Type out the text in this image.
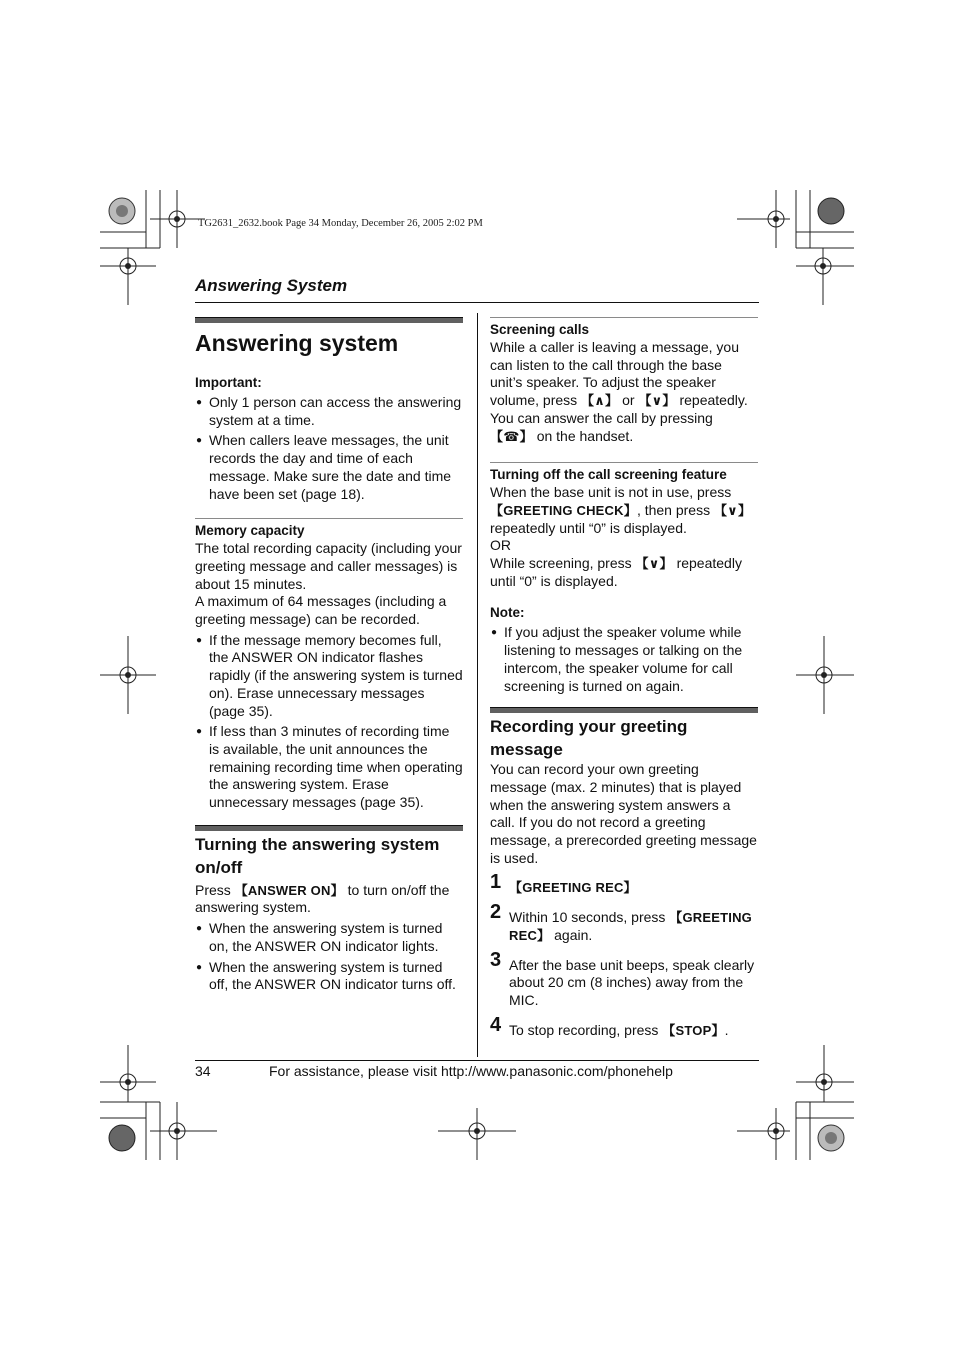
TG2631_2632.book Page 34 Monday, December 26, 2005 2:02 PM
Answering System
Answering system
Important:
● Only 1 person can access the answering system at a time.
● When callers leave messages, the unit records the day and time of each message. Make sure the date and time have been set (page 18).
Memory capacity

The total recording capacity (including your greeting message and caller messages) is about 15 minutes.

A maximum of 64 messages (including a greeting message) can be recorded.

● If the message memory becomes full, the ANSWER ON indicator flashes rapidly (if the answering system is turned on). Erase unnecessary messages (page 35).
● If less than 3 minutes of recording time is available, the unit announces the remaining recording time when operating the answering system. Erase unnecessary messages (page 35).
Turning the answering system on/off

Press 【ANSWER ON】 to turn on/off the answering system.

● When the answering system is turned on, the ANSWER ON indicator lights.
● When the answering system is turned off, the ANSWER ON indicator turns off.
Screening calls

While a caller is leaving a message, you can listen to the call through the base unit’s speaker. To adjust the speaker volume, press 【∧】 or 【∨】 repeatedly.

You can answer the call by pressing 【☎】 on the handset.

Turning off the call screening feature

When the base unit is not in use, press 【GREETING CHECK】, then press 【∨】 repeatedly until “0” is displayed.

OR

While screening, press 【∨】 repeatedly until “0” is displayed.

Note:
● If you adjust the speaker volume while listening to messages or talking on the intercom, the speaker volume for call screening is turned on again.
Recording your greeting message

You can record your own greeting message (max. 2 minutes) that is played when the answering system answers a call. If you do not record a greeting message, a prerecorded greeting message is used.

1 【GREETING REC】
2 Within 10 seconds, press 【GREETING REC】 again.
3 After the base unit beeps, speak clearly about 20 cm (8 inches) away from the MIC.
4 To stop recording, press 【STOP】.
34	For assistance, please visit http://www.panasonic.com/phonehelp
